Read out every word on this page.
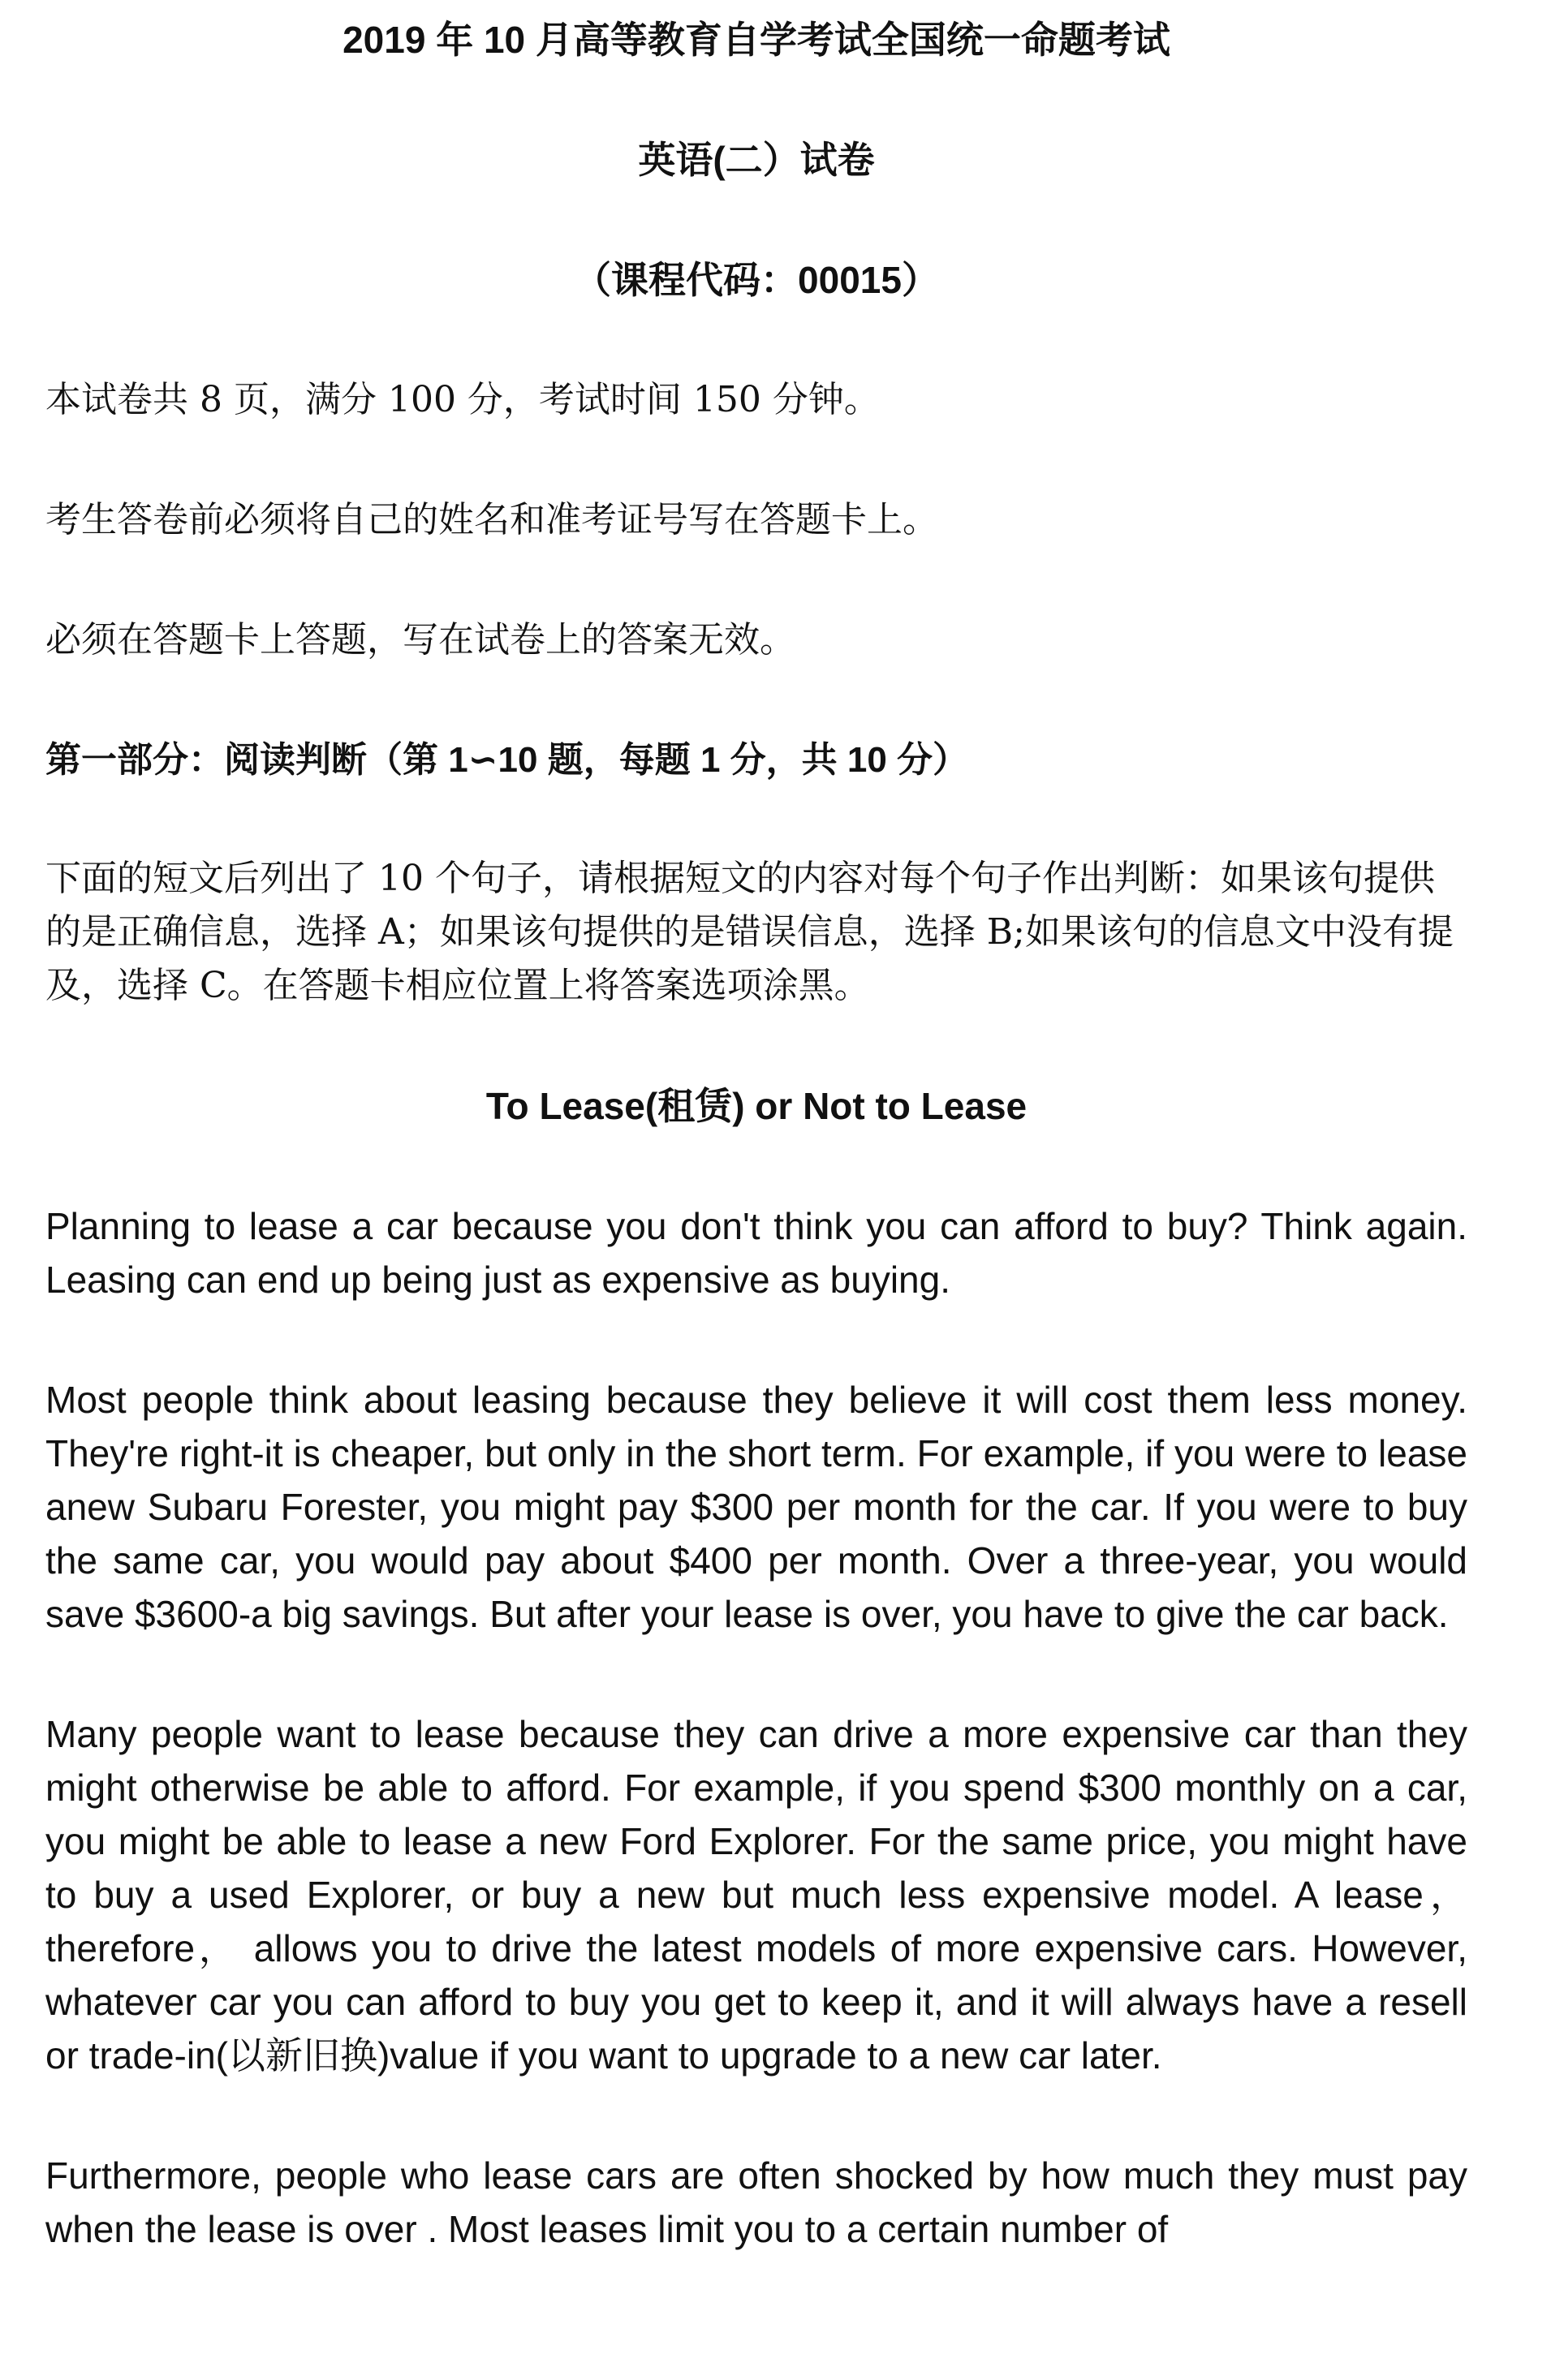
2019 年 10 月高等教育自学考试全国统一命题考试

英语(二）试卷

（课程代码：00015）

本试卷共 8 页，满分 100 分，考试时间 150 分钟。

考生答卷前必须将自己的姓名和准考证号写在答题卡上。

必须在答题卡上答题，写在试卷上的答案无效。

第一部分：阅读判断（第 1∽10 题，每题 1 分，共 10 分）

下面的短文后列出了 10 个句子，请根据短文的内容对每个句子作出判断：如果该句提供的是正确信息，选择 A；如果该句提供的是错误信息，选择 B;如果该句的信息文中没有提及，选择 C。在答题卡相应位置上将答案选项涂黑。

To Lease(租赁) or Not to Lease

Planning to lease a car because you don't think you can afford to buy? Think again. Leasing can end up being just as expensive as buying.

Most people think about leasing because they believe it will cost them less money. They're right-it is cheaper, but only in the short term. For example, if you were to lease anew Subaru Forester, you might pay $300 per month for the car. If you were to buy the same car, you would pay about $400 per month. Over a three-year, you would save $3600-a big savings. But after your lease is over, you have to give the car back.

Many people want to lease because they can drive a more expensive car than they might otherwise be able to afford. For example, if you spend $300 monthly on a car, you might be able to lease a new Ford Explorer. For the same price, you might have to buy a used Explorer, or buy a new but much less expensive model. A lease， therefore， allows you to drive the latest models of more expensive cars. However, whatever car you can afford to buy you get to keep it, and it will always have a resell or trade-in(以新旧换)value if you want to upgrade to a new car later.

Furthermore, people who lease cars are often shocked by how much they must pay when the lease is over . Most leases limit you to a certain number of
